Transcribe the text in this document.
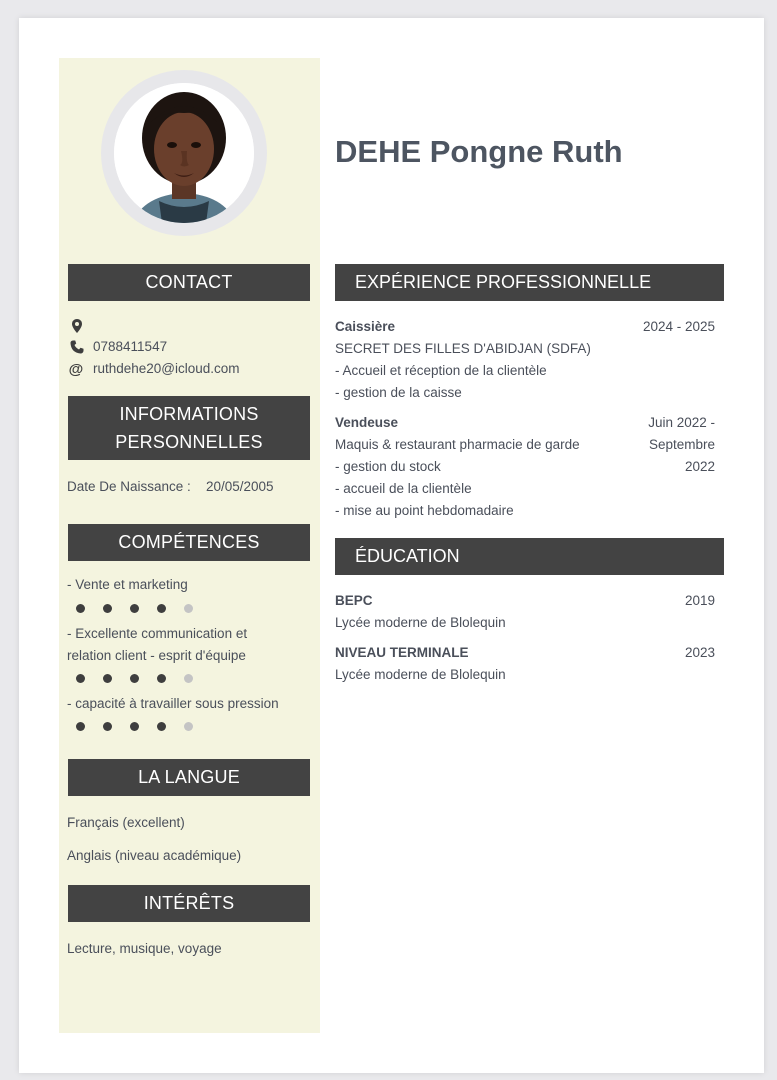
CONTACT
0788411547
@ ruthdehe20@icloud.com
INFORMATIONS
PERSONNELLES
Date De Naissance : 20/05/2005
COMPÉTENCES
- Vente et marketing
- Excellente communication et
relation client - esprit d'équipe
- capacité à travailler sous pression
LA LANGUE
Français (excellent)
Anglais (niveau académique)
INTÉRÊTS
Lecture, musique, voyage
DEHE Pongne Ruth
EXPÉRIENCE PROFESSIONNELLE
Caissière	2024 - 2025
SECRET DES FILLES D'ABIDJAN (SDFA)
- Accueil et réception de la clientèle
- gestion de la caisse
Vendeuse	Juin 2022 -
Septembre
2022
Maquis & restaurant pharmacie de garde
- gestion du stock
- accueil de la clientèle
- mise au point hebdomadaire
ÉDUCATION
BEPC	2019
Lycée moderne de Blolequin
NIVEAU TERMINALE	2023
Lycée moderne de Blolequin
